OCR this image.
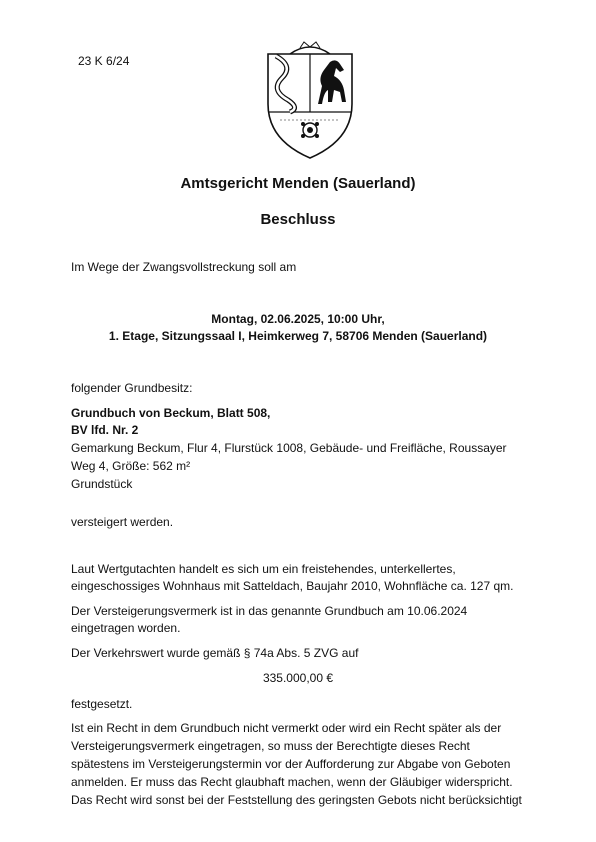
23 K 6/24
Amtsgericht Menden (Sauerland)
Beschluss
Im Wege der Zwangsvollstreckung soll am
Montag, 02.06.2025, 10:00 Uhr,
1. Etage, Sitzungssaal I, Heimkerweg 7, 58706 Menden (Sauerland)
folgender Grundbesitz:
Grundbuch von Beckum, Blatt 508,
BV lfd. Nr. 2
Gemarkung Beckum, Flur 4, Flurstück 1008, Gebäude- und Freifläche, Roussayer
Weg 4, Größe: 562 m²
Grundstück
versteigert werden.
Laut Wertgutachten handelt es sich um ein freistehendes, unterkellertes,
eingeschossiges Wohnhaus mit Satteldach, Baujahr 2010, Wohnfläche ca. 127 qm.
Der Versteigerungsvermerk ist in das genannte Grundbuch am 10.06.2024
eingetragen worden.
Der Verkehrswert wurde gemäß § 74a Abs. 5 ZVG auf
335.000,00 €
festgesetzt.
Ist ein Recht in dem Grundbuch nicht vermerkt oder wird ein Recht später als der
Versteigerungsvermerk eingetragen, so muss der Berechtigte dieses Recht
spätestens im Versteigerungstermin vor der Aufforderung zur Abgabe von Geboten
anmelden. Er muss das Recht glaubhaft machen, wenn der Gläubiger widerspricht.
Das Recht wird sonst bei der Feststellung des geringsten Gebots nicht berücksichtigt
